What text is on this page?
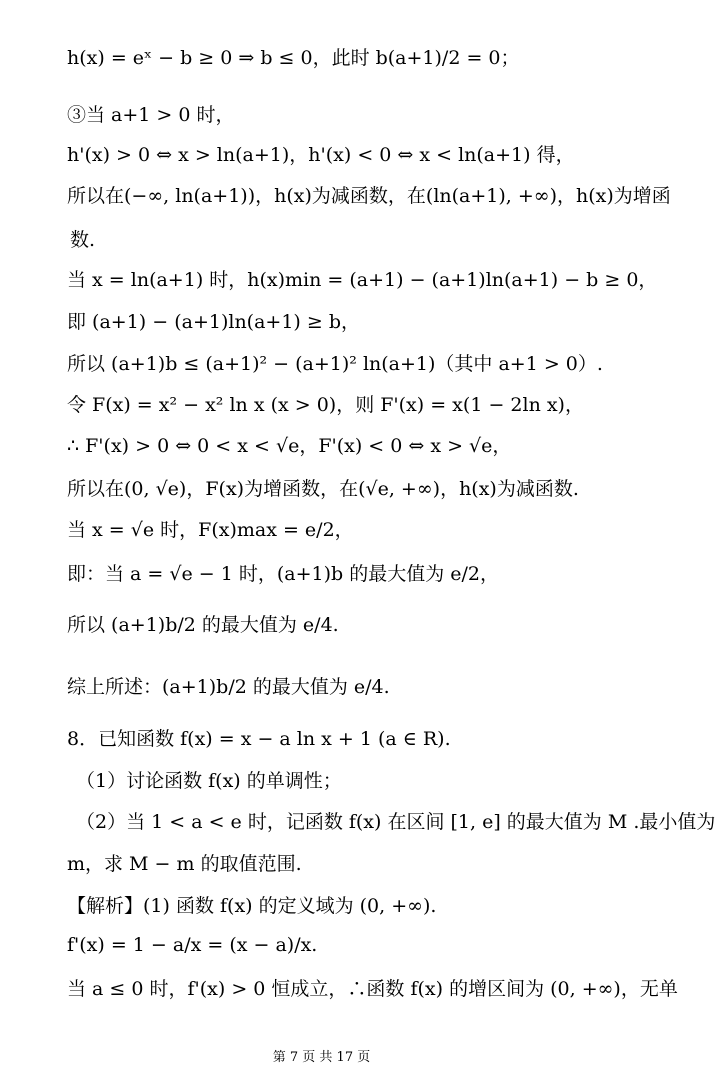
h(x) = eˣ − b ≥ 0 ⇒ b ≤ 0，此时 b(a+1)/2 = 0；
③当 a+1 > 0 时，
h'(x) > 0 ⇔ x > ln(a+1)，h'(x) < 0 ⇔ x < ln(a+1) 得，
所以在(−∞, ln(a+1))，h(x)为减函数，在(ln(a+1), +∞)，h(x)为增函
数.
当 x = ln(a+1) 时，h(x)min = (a+1) − (a+1)ln(a+1) − b ≥ 0，
即 (a+1) − (a+1)ln(a+1) ≥ b，
所以 (a+1)b ≤ (a+1)² − (a+1)² ln(a+1)（其中 a+1 > 0）.
令 F(x) = x² − x² ln x (x > 0)，则 F'(x) = x(1 − 2ln x)，
∴ F'(x) > 0 ⇔ 0 < x < √e，F'(x) < 0 ⇔ x > √e，
所以在(0, √e)，F(x)为增函数，在(√e, +∞)，h(x)为减函数.
当 x = √e 时，F(x)max = e/2，
即：当 a = √e − 1 时，(a+1)b 的最大值为 e/2，
所以 (a+1)b/2 的最大值为 e/4.
综上所述：(a+1)b/2 的最大值为 e/4.
8．已知函数 f(x) = x − a ln x + 1 (a ∈ R).
（1）讨论函数 f(x) 的单调性；
（2）当 1 < a < e 时，记函数 f(x) 在区间 [1, e] 的最大值为 M .最小值为
m，求 M − m 的取值范围.
【解析】(1) 函数 f(x) 的定义域为 (0, +∞).
f'(x) = 1 − a/x = (x − a)/x.
当 a ≤ 0 时，f'(x) > 0 恒成立，∴函数 f(x) 的增区间为 (0, +∞)，无单
第 7 页 共 17 页
